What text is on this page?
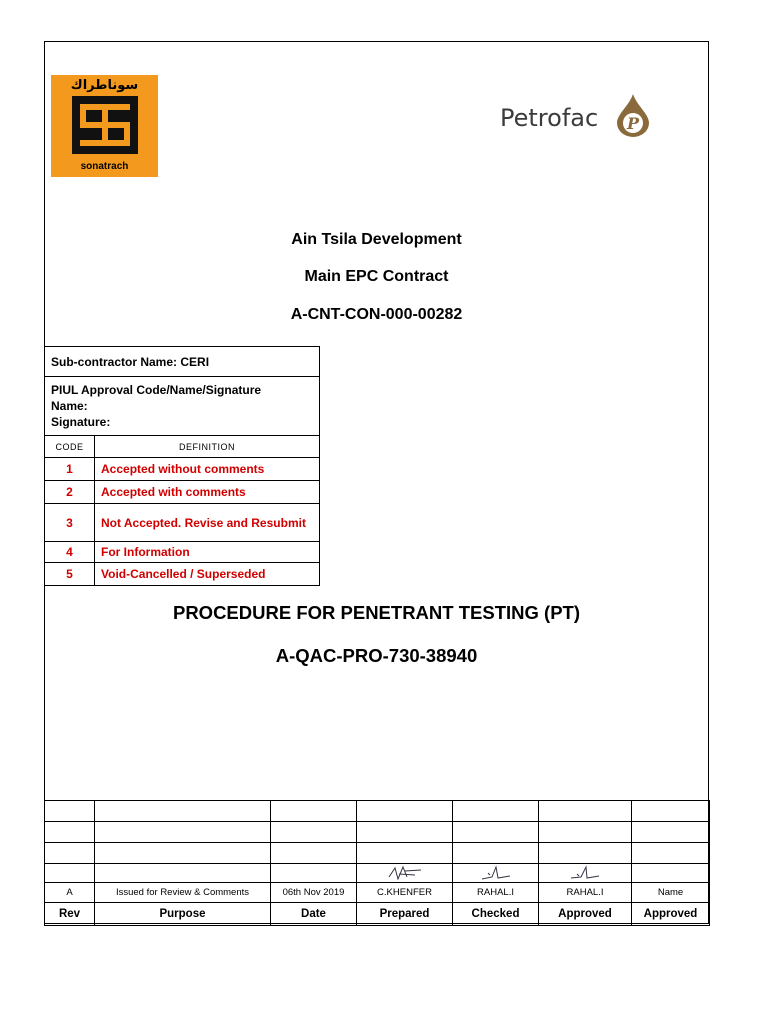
سوناطراك
sonatrach
Petrofac P
Ain Tsila Development
Main EPC Contract
A-CNT-CON-000-00282
Sub-contractor Name: CERI	

PIUL Approval Code/Name/Signature
Name:
Signature:	

CODE	DEFINITION
1	Accepted without comments
2	Accepted with comments
3	Not Accepted. Revise and Resubmit
4	For Information
5	Void-Cancelled / Superseded
PROCEDURE FOR PENETRANT TESTING (PT)
A-QAC-PRO-730-38940

A	Issued for Review & Comments	06th Nov 2019	C.KHENFER	RAHAL.I	RAHAL.I	Name
Rev	Purpose	Date	Prepared	Checked	Approved	Approved
